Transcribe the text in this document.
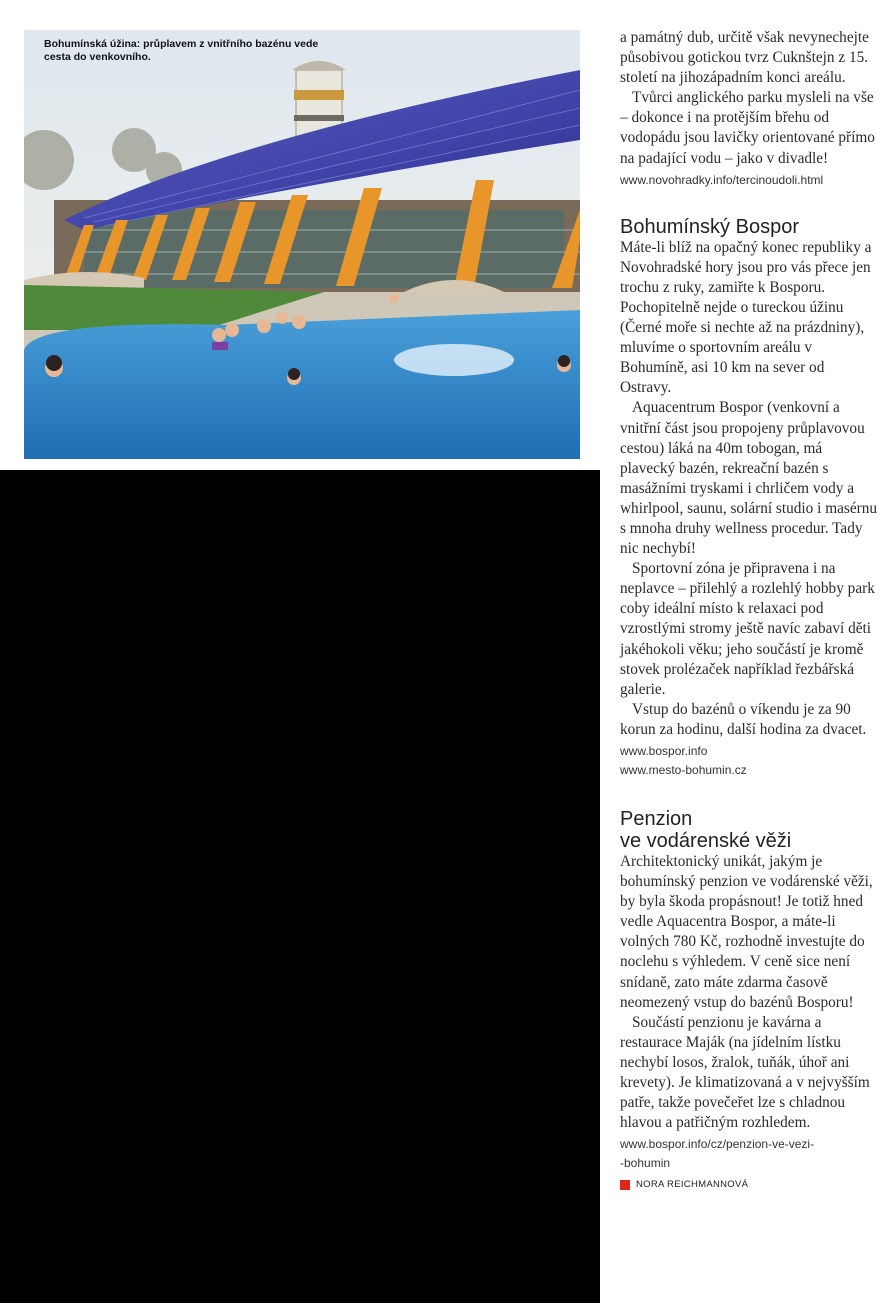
Bohumínská úžina: průplavem z vnitřního bazénu vede cesta do venkovního.

a památný dub, určitě však nevynechejte působivou gotickou tvrz Cuknštejn z 15. století na jihozápadním konci areálu.

Tvůrci anglického parku mysleli na vše – dokonce i na protějším břehu od vodopádu jsou lavičky orientované přímo na padající vodu – jako v divadle!

www.novohradky.info/tercinoudoli.html

Bohumínský Bospor

Máte-li blíž na opačný konec republiky a Novohradské hory jsou pro vás přece jen trochu z ruky, zamiřte k Bosporu. Pochopitelně nejde o tureckou úžinu (Černé moře si nechte až na prázdniny), mluvíme o sportovním areálu v Bohumíně, asi 10 km na sever od Ostravy.

Aquacentrum Bospor (venkovní a vnitřní část jsou propojeny průplavovou cestou) láká na 40m tobogan, má plavecký bazén, rekreační bazén s masážními tryskami i chrličem vody a whirlpool, saunu, solární studio i masérnu s mnoha druhy wellness procedur. Tady nic nechybí!

Sportovní zóna je připravena i na neplavce – přilehlý a rozlehlý hobby park coby ideální místo k relaxaci pod vzrostlými stromy ještě navíc zabaví děti jakéhokoli věku; jeho součástí je kromě stovek prolézaček například řezbářská galerie.

Vstup do bazénů o víkendu je za 90 korun za hodinu, další hodina za dvacet.

www.bospor.info

www.mesto-bohumin.cz

Penzion
ve vodárenské věži

Architektonický unikát, jakým je bohumínský penzion ve vodárenské věži, by byla škoda propásnout! Je totiž hned vedle Aquacentra Bospor, a máte-li volných 780 Kč, rozhodně investujte do noclehu s výhledem. V ceně sice není snídaně, zato máte zdarma časově neomezený vstup do bazénů Bosporu!

Součástí penzionu je kavárna a restaurace Maják (na jídelním lístku nechybí losos, žralok, tuňák, úhoř ani krevety). Je klimatizovaná a v nejvyšším patře, takže povečeřet lze s chladnou hlavou a patřičným rozhledem.

www.bospor.info/cz/penzion-ve-vezi-

-bohumin

NORA REICHMANNOVÁ
